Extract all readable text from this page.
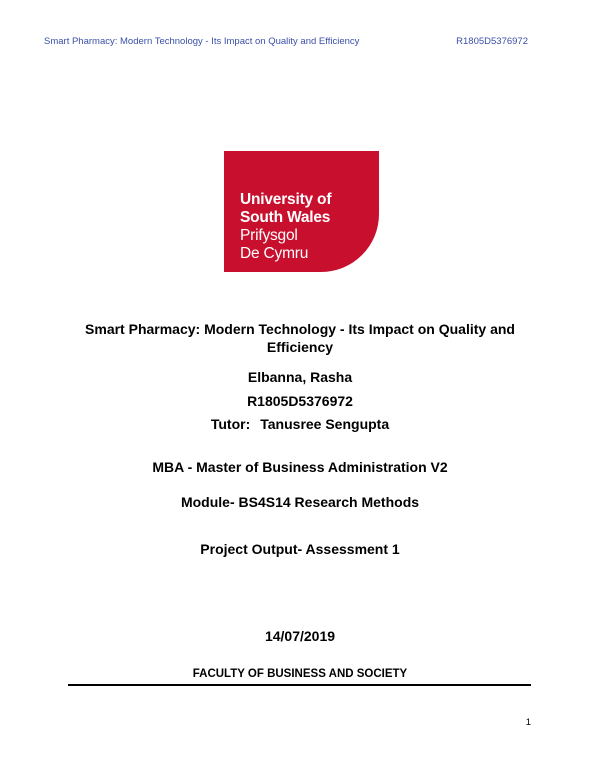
Smart Pharmacy: Modern Technology - Its Impact on Quality and Efficiency	R1805D5376972
University of
South Wales
Prifysgol
De Cymru
Smart Pharmacy: Modern Technology - Its Impact on Quality and Efficiency
Elbanna, Rasha
R1805D5376972
Tutor: Tanusree Sengupta
MBA - Master of Business Administration V2
Module- BS4S14 Research Methods
Project Output- Assessment 1
14/07/2019
FACULTY OF BUSINESS AND SOCIETY
1
